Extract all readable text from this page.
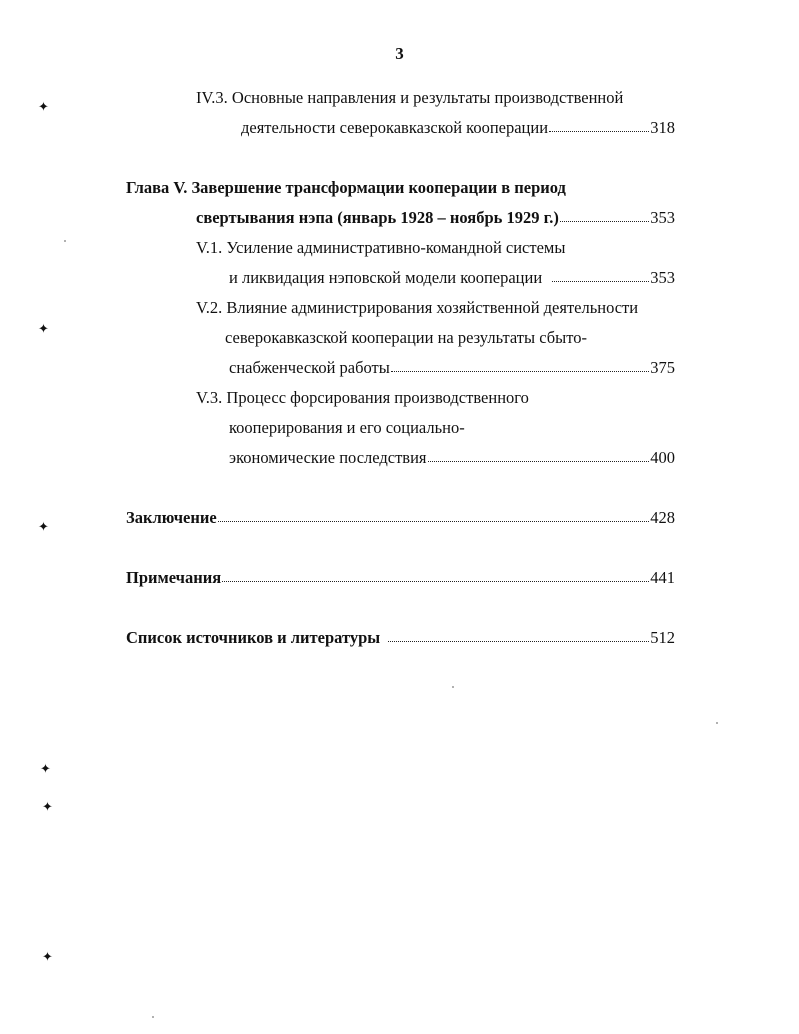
3
IV.3. Основные направления и результаты производственной
деятельности северокавказской кооперации	318
Глава V. Завершение трансформации кооперации в период
свертывания нэпа (январь 1928 – ноябрь 1929 г.)	353
V.1. Усиление административно-командной системы
и ликвидация нэповской модели кооперации	353
V.2. Влияние администрирования хозяйственной деятельности
северокавказской кооперации на результаты сбыто-
снабженческой работы	375
V.3. Процесс форсирования производственного
кооперирования и его социально-
экономические последствия	400
Заключение	428
Примечания	441
Список источников и литературы	512
✦
✦
✦
✦
✦
✦
